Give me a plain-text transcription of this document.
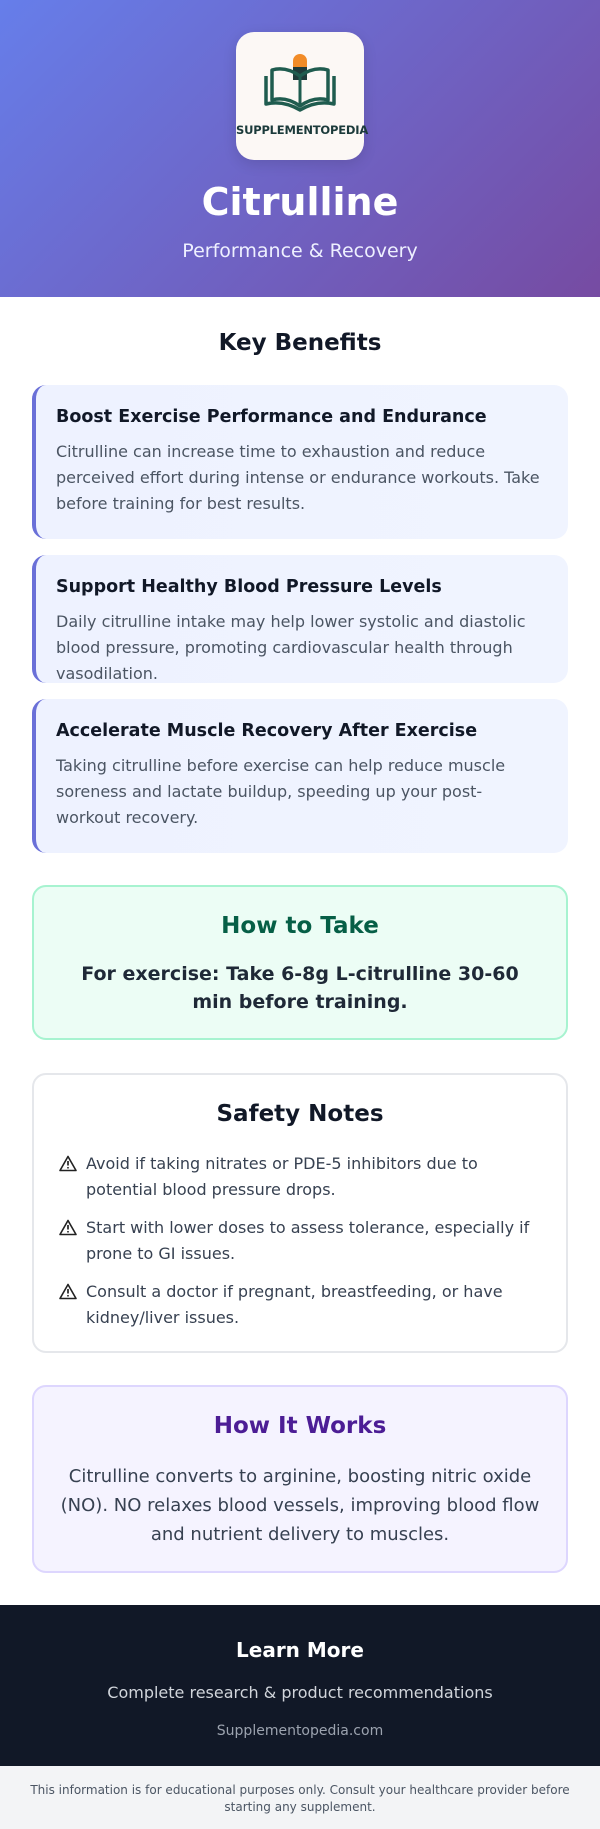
SUPPLEMENTOPEDIA
Citrulline
Performance & Recovery
Key Benefits
Boost Exercise Performance and Endurance

Citrulline can increase time to exhaustion and reduce perceived effort during intense or endurance workouts. Take before training for best results.

Support Healthy Blood Pressure Levels

Daily citrulline intake may help lower systolic and diastolic blood pressure, promoting cardiovascular health through vasodilation.

Accelerate Muscle Recovery After Exercise

Taking citrulline before exercise can help reduce muscle soreness and lactate buildup, speeding up your post-workout recovery.

How to Take

For exercise: Take 6-8g L-citrulline 30-60 min before training.

Safety Notes
Avoid if taking nitrates or PDE-5 inhibitors due to potential blood pressure drops.
Start with lower doses to assess tolerance, especially if prone to GI issues.
Consult a doctor if pregnant, breastfeeding, or have kidney/liver issues.
How It Works

Citrulline converts to arginine, boosting nitric oxide (NO). NO relaxes blood vessels, improving blood flow and nutrient delivery to muscles.

Learn More
Complete research & product recommendations
Supplementopedia.com
This information is for educational purposes only. Consult your healthcare provider before starting any supplement.
